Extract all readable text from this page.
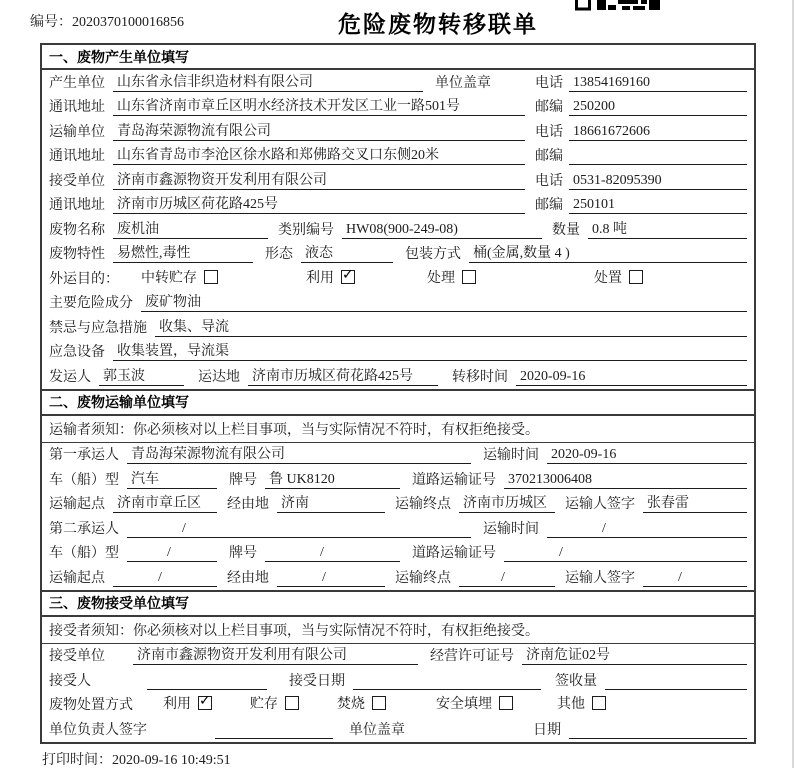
编号：2020370100016856	危险废物转移联单
一、废物产生单位填写
产生单位 山东省永信非织造材料有限公司	单位盖章	电话 13854169160
通讯地址 山东省济南市章丘区明水经济技术开发区工业一路501号	邮编 250200
运输单位 青岛海荣源物流有限公司	电话 18661672606
通讯地址 山东省青岛市李沧区徐水路和郑佛路交叉口东侧20米	邮编
接受单位 济南市鑫源物资开发利用有限公司	电话 0531-82095390
通讯地址 济南市历城区荷花路425号	邮编 250101
废物名称 废机油	类别编号 HW08(900-249-08)	数量 0.8 吨
废物特性 易燃性,毒性	形态 液态	包装方式 桶(金属,数量 4 )
外运目的： 中转贮存	利用 ✓	处理	处置
主要危险成分 废矿物油
禁忌与应急措施 收集、导流
应急设备 收集装置，导流渠
发运人 郭玉波	运达地 济南市历城区荷花路425号	转移时间 2020-09-16
二、废物运输单位填写
运输者须知：你必须核对以上栏目事项，当与实际情况不符时，有权拒绝接受。
第一承运人 青岛海荣源物流有限公司	运输时间 2020-09-16
车（船）型 汽车	牌号 鲁 UK8120	道路运输证号 370213006408
运输起点 济南市章丘区	经由地 济南	运输终点 济南市历城区	运输人签字 张春雷
第二承运人	/	运输时间	/
车（船）型	/	牌号	/	道路运输证号	/
运输起点	/	经由地	/	运输终点	/	运输人签字	/
三、废物接受单位填写
接受者须知：你必须核对以上栏目事项，当与实际情况不符时，有权拒绝接受。
接受单位 济南市鑫源物资开发利用有限公司	经营许可证号 济南危证02号
接受人	接受日期	签收量
废物处置方式 利用 ✓	贮存	焚烧	安全填埋	其他
单位负责人签字	单位盖章	日期
打印时间：2020-09-16 10:49:51
